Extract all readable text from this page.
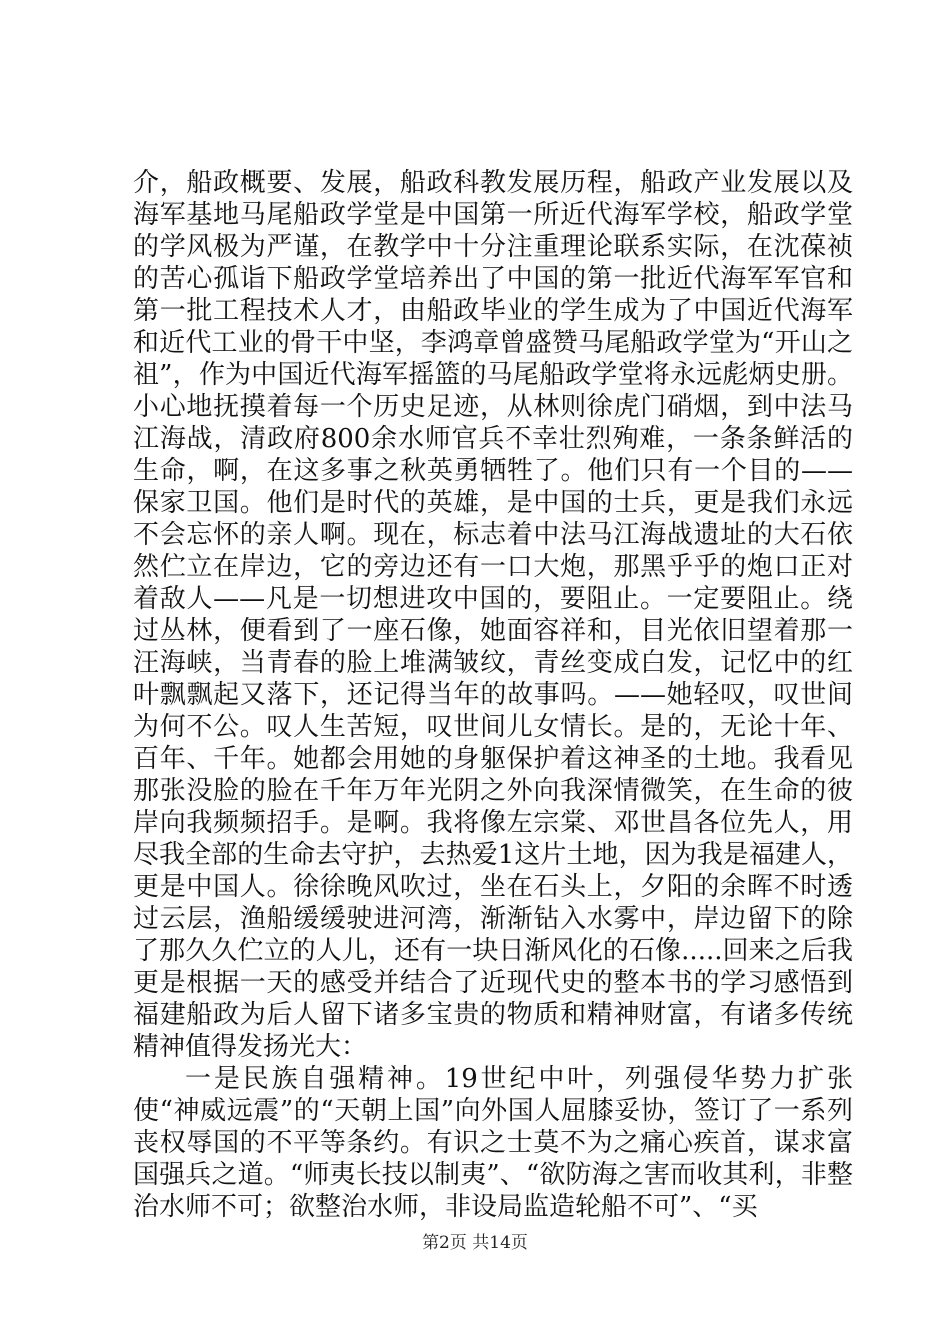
介，船政概要、发展，船政科教发展历程，船政产业发展以及海军基地马尾船政学堂是中国第一所近代海军学校，船政学堂的学风极为严谨，在教学中十分注重理论联系实际，在沈葆祯的苦心孤诣下船政学堂培养出了中国的第一批近代海军军官和第一批工程技术人才，由船政毕业的学生成为了中国近代海军和近代工业的骨干中坚，李鸿章曾盛赞马尾船政学堂为“开山之祖”，作为中国近代海军摇篮的马尾船政学堂将永远彪炳史册。小心地抚摸着每一个历史足迹，从林则徐虎门硝烟，到中法马江海战，清政府800余水师官兵不幸壮烈殉难，一条条鲜活的生命，啊，在这多事之秋英勇牺牲了。他们只有一个目的——保家卫国。他们是时代的英雄，是中国的士兵，更是我们永远不会忘怀的亲人啊。现在，标志着中法马江海战遗址的大石依然伫立在岸边，它的旁边还有一口大炮，那黑乎乎的炮口正对着敌人——凡是一切想进攻中国的，要阻止。一定要阻止。绕过丛林，便看到了一座石像，她面容祥和，目光依旧望着那一汪海峡，当青春的脸上堆满皱纹，青丝变成白发，记忆中的红叶飘飘起又落下，还记得当年的故事吗。——她轻叹，叹世间为何不公。叹人生苦短，叹世间儿女情长。是的，无论十年、百年、千年。她都会用她的身躯保护着这神圣的土地。我看见那张没脸的脸在千年万年光阴之外向我深情微笑，在生命的彼岸向我频频招手。是啊。我将像左宗棠、邓世昌各位先人，用尽我全部的生命去守护，去热爱1这片土地，因为我是福建人，更是中国人。徐徐晚风吹过，坐在石头上，夕阳的余晖不时透过云层，渔船缓缓驶进河湾，渐渐钻入水雾中，岸边留下的除了那久久伫立的人儿，还有一块日渐风化的石像.....回来之后我更是根据一天的感受并结合了近现代史的整本书的学习感悟到福建船政为后人留下诸多宝贵的物质和精神财富，有诸多传统精神值得发扬光大：

一是民族自强精神。19世纪中叶，列强侵华势力扩张使“神威远震”的“天朝上国”向外国人屈膝妥协，签订了一系列丧权辱国的不平等条约。有识之士莫不为之痛心疾首，谋求富国强兵之道。“师夷长技以制夷”、“欲防海之害而收其利，非整治水师不可；欲整治水师，非设局监造轮船不可”、“买

第2页 共14页
